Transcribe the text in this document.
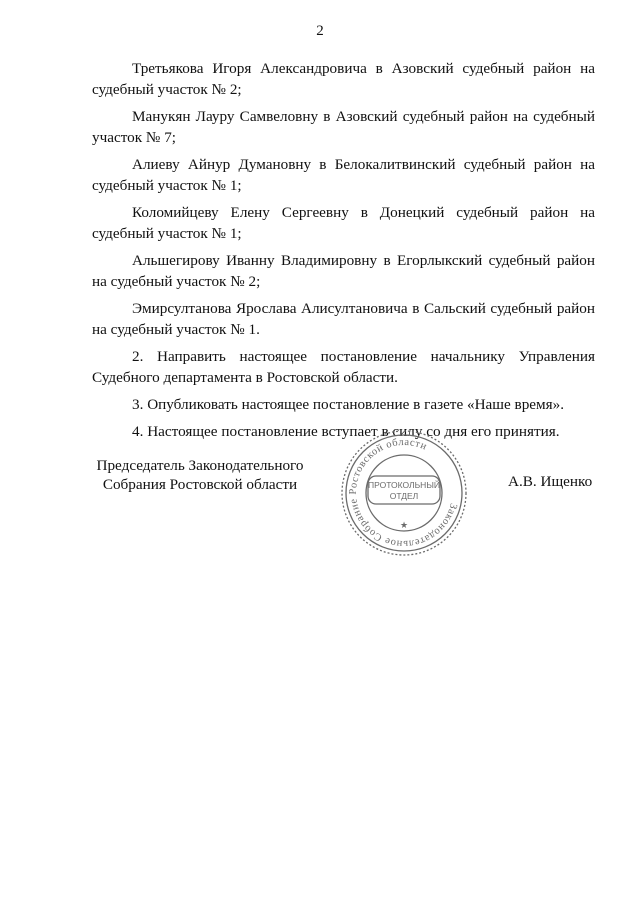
2

Третьякова Игоря Александровича в Азовский судебный район на судебный участок № 2;

Манукян Лауру Самвеловну в Азовский судебный район на судебный участок № 7;

Алиеву Айнур Думановну в Белокалитвинский судебный район на судебный участок № 1;

Коломийцеву Елену Сергеевну в Донецкий судебный район на судебный участок № 1;

Альшегирову Иванну Владимировну в Егорлыкский судебный район на судебный участок № 2;

Эмирсултанова Ярослава Алисултановича в Сальский судебный район на судебный участок № 1.

2. Направить настоящее постановление начальнику Управления Судебного департамента в Ростовской области.

3. Опубликовать настоящее постановление в газете «Наше время».

4. Настоящее постановление вступает в силу со дня его принятия.

Председатель Законодательного
Собрания Ростовской области	А.В. Ищенко
Законодательное Собрание Ростовской области
ПРОТОКОЛЬНЫЙ
ОТДЕЛ
★
